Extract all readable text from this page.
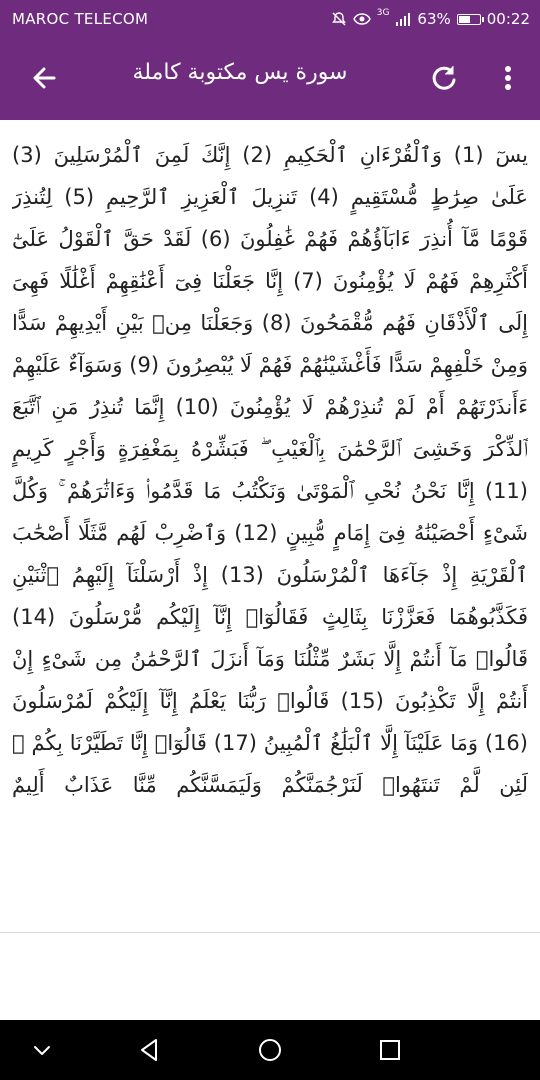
MAROC TELECOM	3G 63% 00:22
سورة يس مكتوبة كاملة

يسٓ (1) وَٱلْقُرْءَانِ ٱلْحَكِيمِ (2) إِنَّكَ لَمِنَ ٱلْمُرْسَلِينَ (3) عَلَىٰ صِرَٰطٍ مُّسْتَقِيمٍ (4) تَنزِيلَ ٱلْعَزِيزِ ٱلرَّحِيمِ (5) لِتُنذِرَ قَوْمًا مَّآ أُنذِرَ ءَابَآؤُهُمْ فَهُمْ غَٰفِلُونَ (6) لَقَدْ حَقَّ ٱلْقَوْلُ عَلَىٰٓ أَكْثَرِهِمْ فَهُمْ لَا يُؤْمِنُونَ (7) إِنَّا جَعَلْنَا فِىٓ أَعْنَٰقِهِمْ أَغْلَٰلًا فَهِىَ إِلَى ٱلْأَذْقَانِ فَهُم مُّقْمَحُونَ (8) وَجَعَلْنَا مِنۢ بَيْنِ أَيْدِيهِمْ سَدًّا وَمِنْ خَلْفِهِمْ سَدًّا فَأَغْشَيْنَٰهُمْ فَهُمْ لَا يُبْصِرُونَ (9) وَسَوَآءٌ عَلَيْهِمْ ءَأَنذَرْتَهُمْ أَمْ لَمْ تُنذِرْهُمْ لَا يُؤْمِنُونَ (10) إِنَّمَا تُنذِرُ مَنِ ٱتَّبَعَ ٱلذِّكْرَ وَخَشِىَ ٱلرَّحْمَٰنَ بِٱلْغَيْبِ ۖ فَبَشِّرْهُ بِمَغْفِرَةٍ وَأَجْرٍ كَرِيمٍ (11) إِنَّا نَحْنُ نُحْىِ ٱلْمَوْتَىٰ وَنَكْتُبُ مَا قَدَّمُوا۟ وَءَاثَٰرَهُمْ ۚ وَكُلَّ شَىْءٍ أَحْصَيْنَٰهُ فِىٓ إِمَامٍ مُّبِينٍ (12) وَٱضْرِبْ لَهُم مَّثَلًا أَصْحَٰبَ ٱلْقَرْيَةِ إِذْ جَآءَهَا ٱلْمُرْسَلُونَ (13) إِذْ أَرْسَلْنَآ إِلَيْهِمُ ٱثْنَيْنِ فَكَذَّبُوهُمَا فَعَزَّزْنَا بِثَالِثٍ فَقَالُوٓا۟ إِنَّآ إِلَيْكُم مُّرْسَلُونَ (14) قَالُوا۟ مَآ أَنتُمْ إِلَّا بَشَرٌ مِّثْلُنَا وَمَآ أَنزَلَ ٱلرَّحْمَٰنُ مِن شَىْءٍ إِنْ أَنتُمْ إِلَّا تَكْذِبُونَ (15) قَالُوا۟ رَبُّنَا يَعْلَمُ إِنَّآ إِلَيْكُمْ لَمُرْسَلُونَ (16) وَمَا عَلَيْنَآ إِلَّا ٱلْبَلَٰغُ ٱلْمُبِينُ (17) قَالُوٓا۟ إِنَّا تَطَيَّرْنَا بِكُمْ ۖ لَئِن لَّمْ تَنتَهُوا۟ لَنَرْجُمَنَّكُمْ وَلَيَمَسَّنَّكُم مِّنَّا عَذَابٌ أَلِيمٌ
